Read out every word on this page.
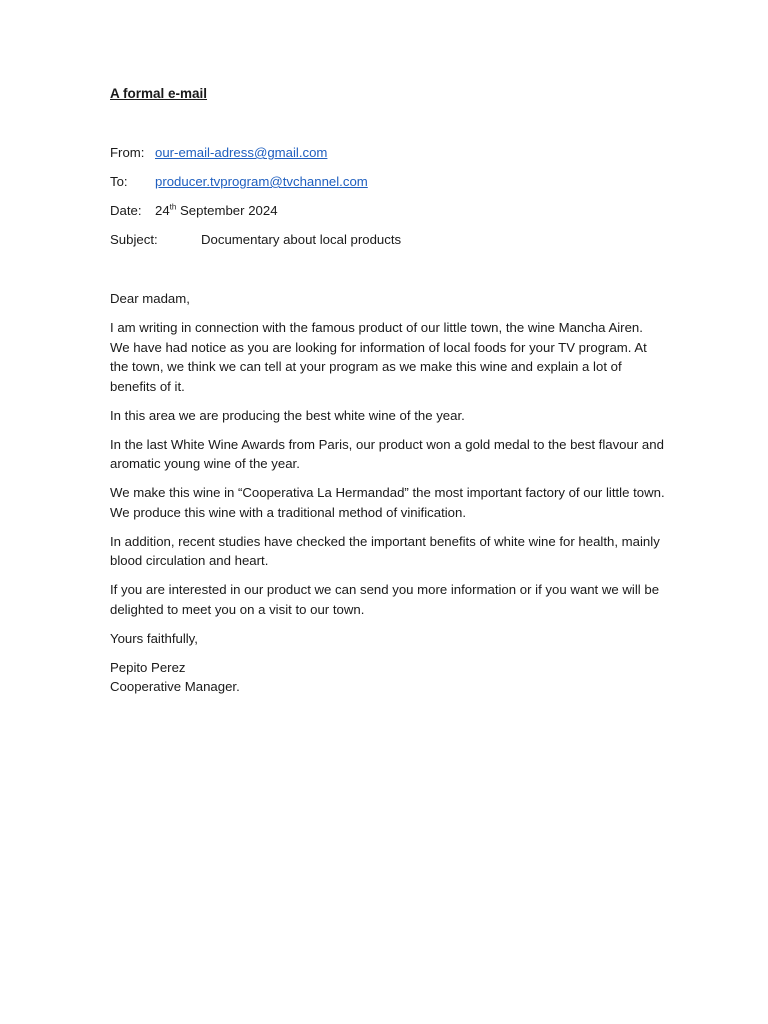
A formal e-mail
From: our-email-adress@gmail.com
To: producer.tvprogram@tvchannel.com
Date: 24th September 2024
Subject:	Documentary about local products

Dear madam,

I am writing in connection with the famous product of our little town, the wine Mancha Airen. We have had notice as you are looking for information of local foods for your TV program. At the town, we think we can tell at your program as we make this wine and explain a lot of benefits of it.

In this area we are producing the best white wine of the year.

In the last White Wine Awards from Paris, our product won a gold medal to the best flavour and aromatic young wine of the year.

We make this wine in “Cooperativa La Hermandad” the most important factory of our little town. We produce this wine with a traditional method of vinification.

In addition, recent studies have checked the important benefits of white wine for health, mainly blood circulation and heart.

If you are interested in our product we can send you more information or if you want we will be delighted to meet you on a visit to our town.

Yours faithfully,

Pepito Perez
Cooperative Manager.
